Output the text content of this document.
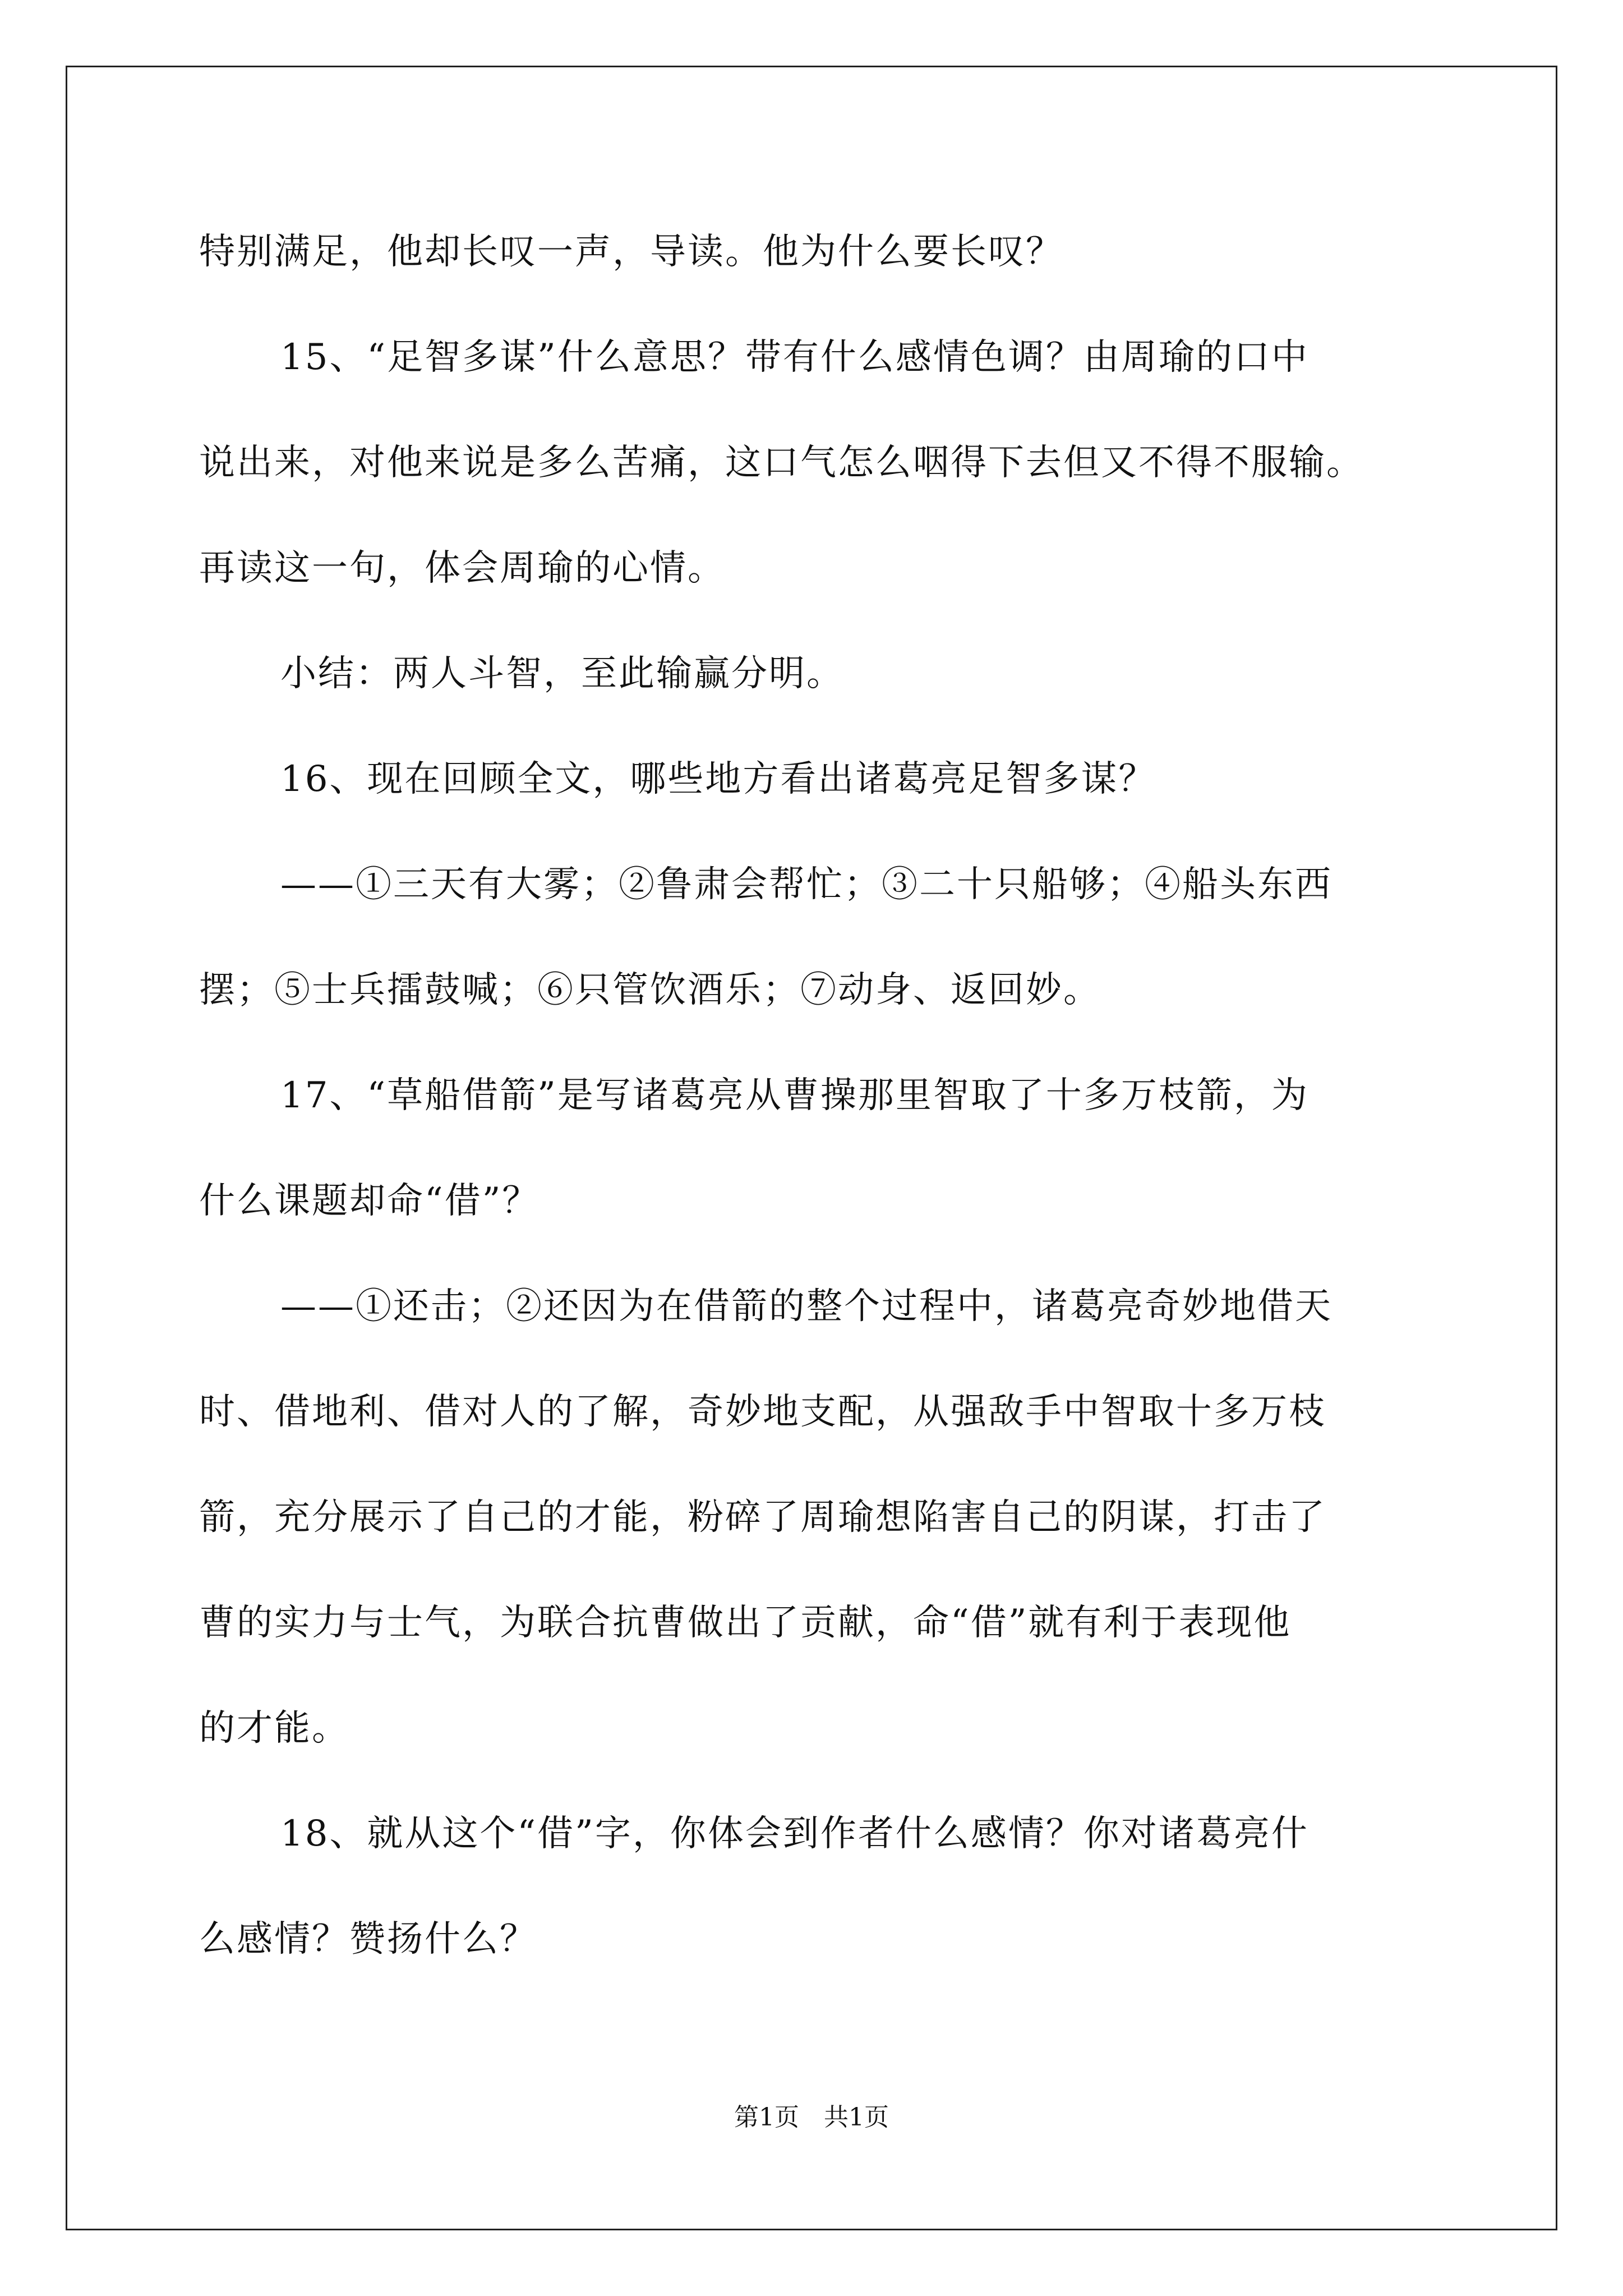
特别满足，他却长叹一声，导读。他为什么要长叹？
15、“足智多谋”什么意思？带有什么感情色调？由周瑜的口中
说出来，对他来说是多么苦痛，这口气怎么咽得下去但又不得不服输。
再读这一句，体会周瑜的心情。
小结：两人斗智，至此输赢分明。
16、现在回顾全文，哪些地方看出诸葛亮足智多谋？
——①三天有大雾；②鲁肃会帮忙；③二十只船够；④船头东西
摆；⑤士兵擂鼓喊；⑥只管饮酒乐；⑦动身、返回妙。
17、“草船借箭”是写诸葛亮从曹操那里智取了十多万枝箭，为
什么课题却命“借”？
——①还击；②还因为在借箭的整个过程中，诸葛亮奇妙地借天
时、借地利、借对人的了解，奇妙地支配，从强敌手中智取十多万枝
箭，充分展示了自己的才能，粉碎了周瑜想陷害自己的阴谋，打击了
曹的实力与士气，为联合抗曹做出了贡献，命“借”就有利于表现他
的才能。
18、就从这个“借”字，你体会到作者什么感情？你对诸葛亮什
么感情？赞扬什么？
第1页　共1页
